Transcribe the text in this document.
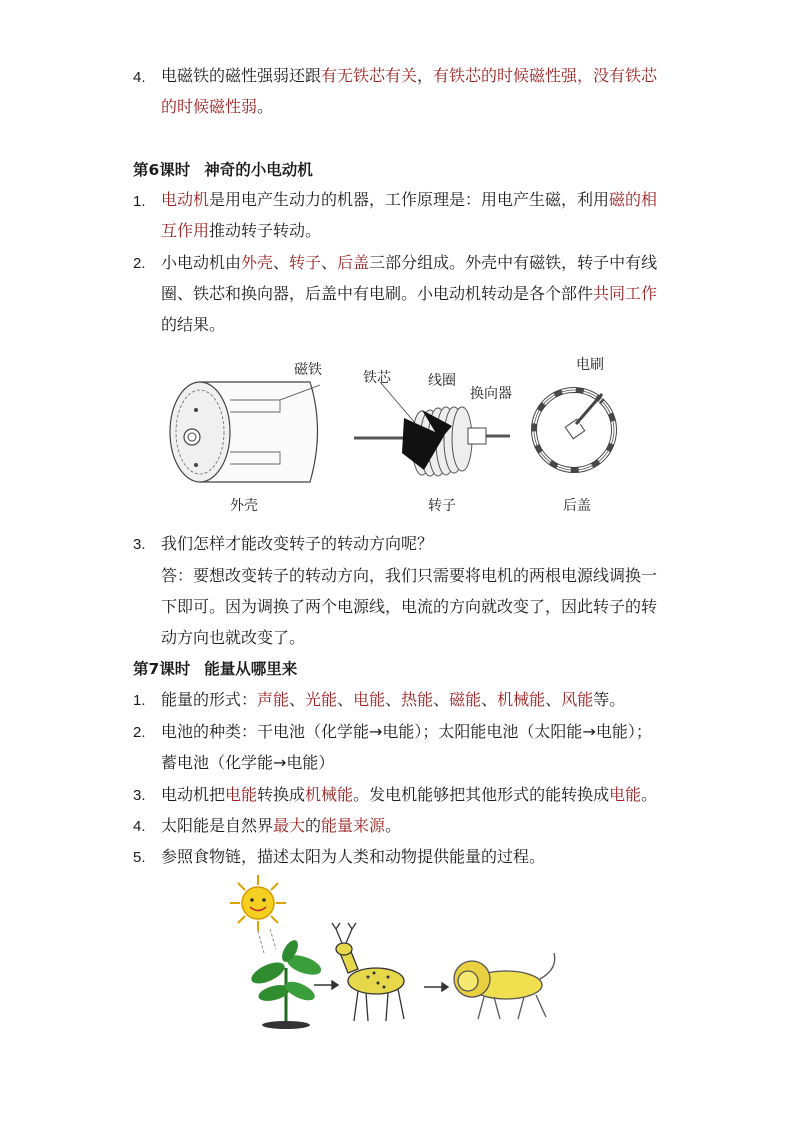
4. 电磁铁的磁性强弱还跟有无铁芯有关，有铁芯的时候磁性强，没有铁芯
的时候磁性弱。
第6课时 神奇的小电动机
1. 电动机是用电产生动力的机器，工作原理是：用电产生磁，利用磁的相
互作用推动转子转动。
2. 小电动机由外壳、转子、后盖三部分组成。外壳中有磁铁，转子中有线
圈、铁芯和换向器，后盖中有电刷。小电动机转动是各个部件共同工作
的结果。
磁铁	铁芯	线圈
换向器
电刷
外壳	转子	后盖
3. 我们怎样才能改变转子的转动方向呢？
答：要想改变转子的转动方向，我们只需要将电机的两根电源线调换一
下即可。因为调换了两个电源线，电流的方向就改变了，因此转子的转
动方向也就改变了。
第7课时 能量从哪里来
1. 能量的形式：声能、光能、电能、热能、磁能、机械能、风能等。
2. 电池的种类：干电池（化学能→电能）；太阳能电池（太阳能→电能）；
蓄电池（化学能→电能）
3. 电动机把电能转换成机械能。发电机能够把其他形式的能转换成电能。
4. 太阳能是自然界最大的能量来源。
5. 参照食物链，描述太阳为人类和动物提供能量的过程。
